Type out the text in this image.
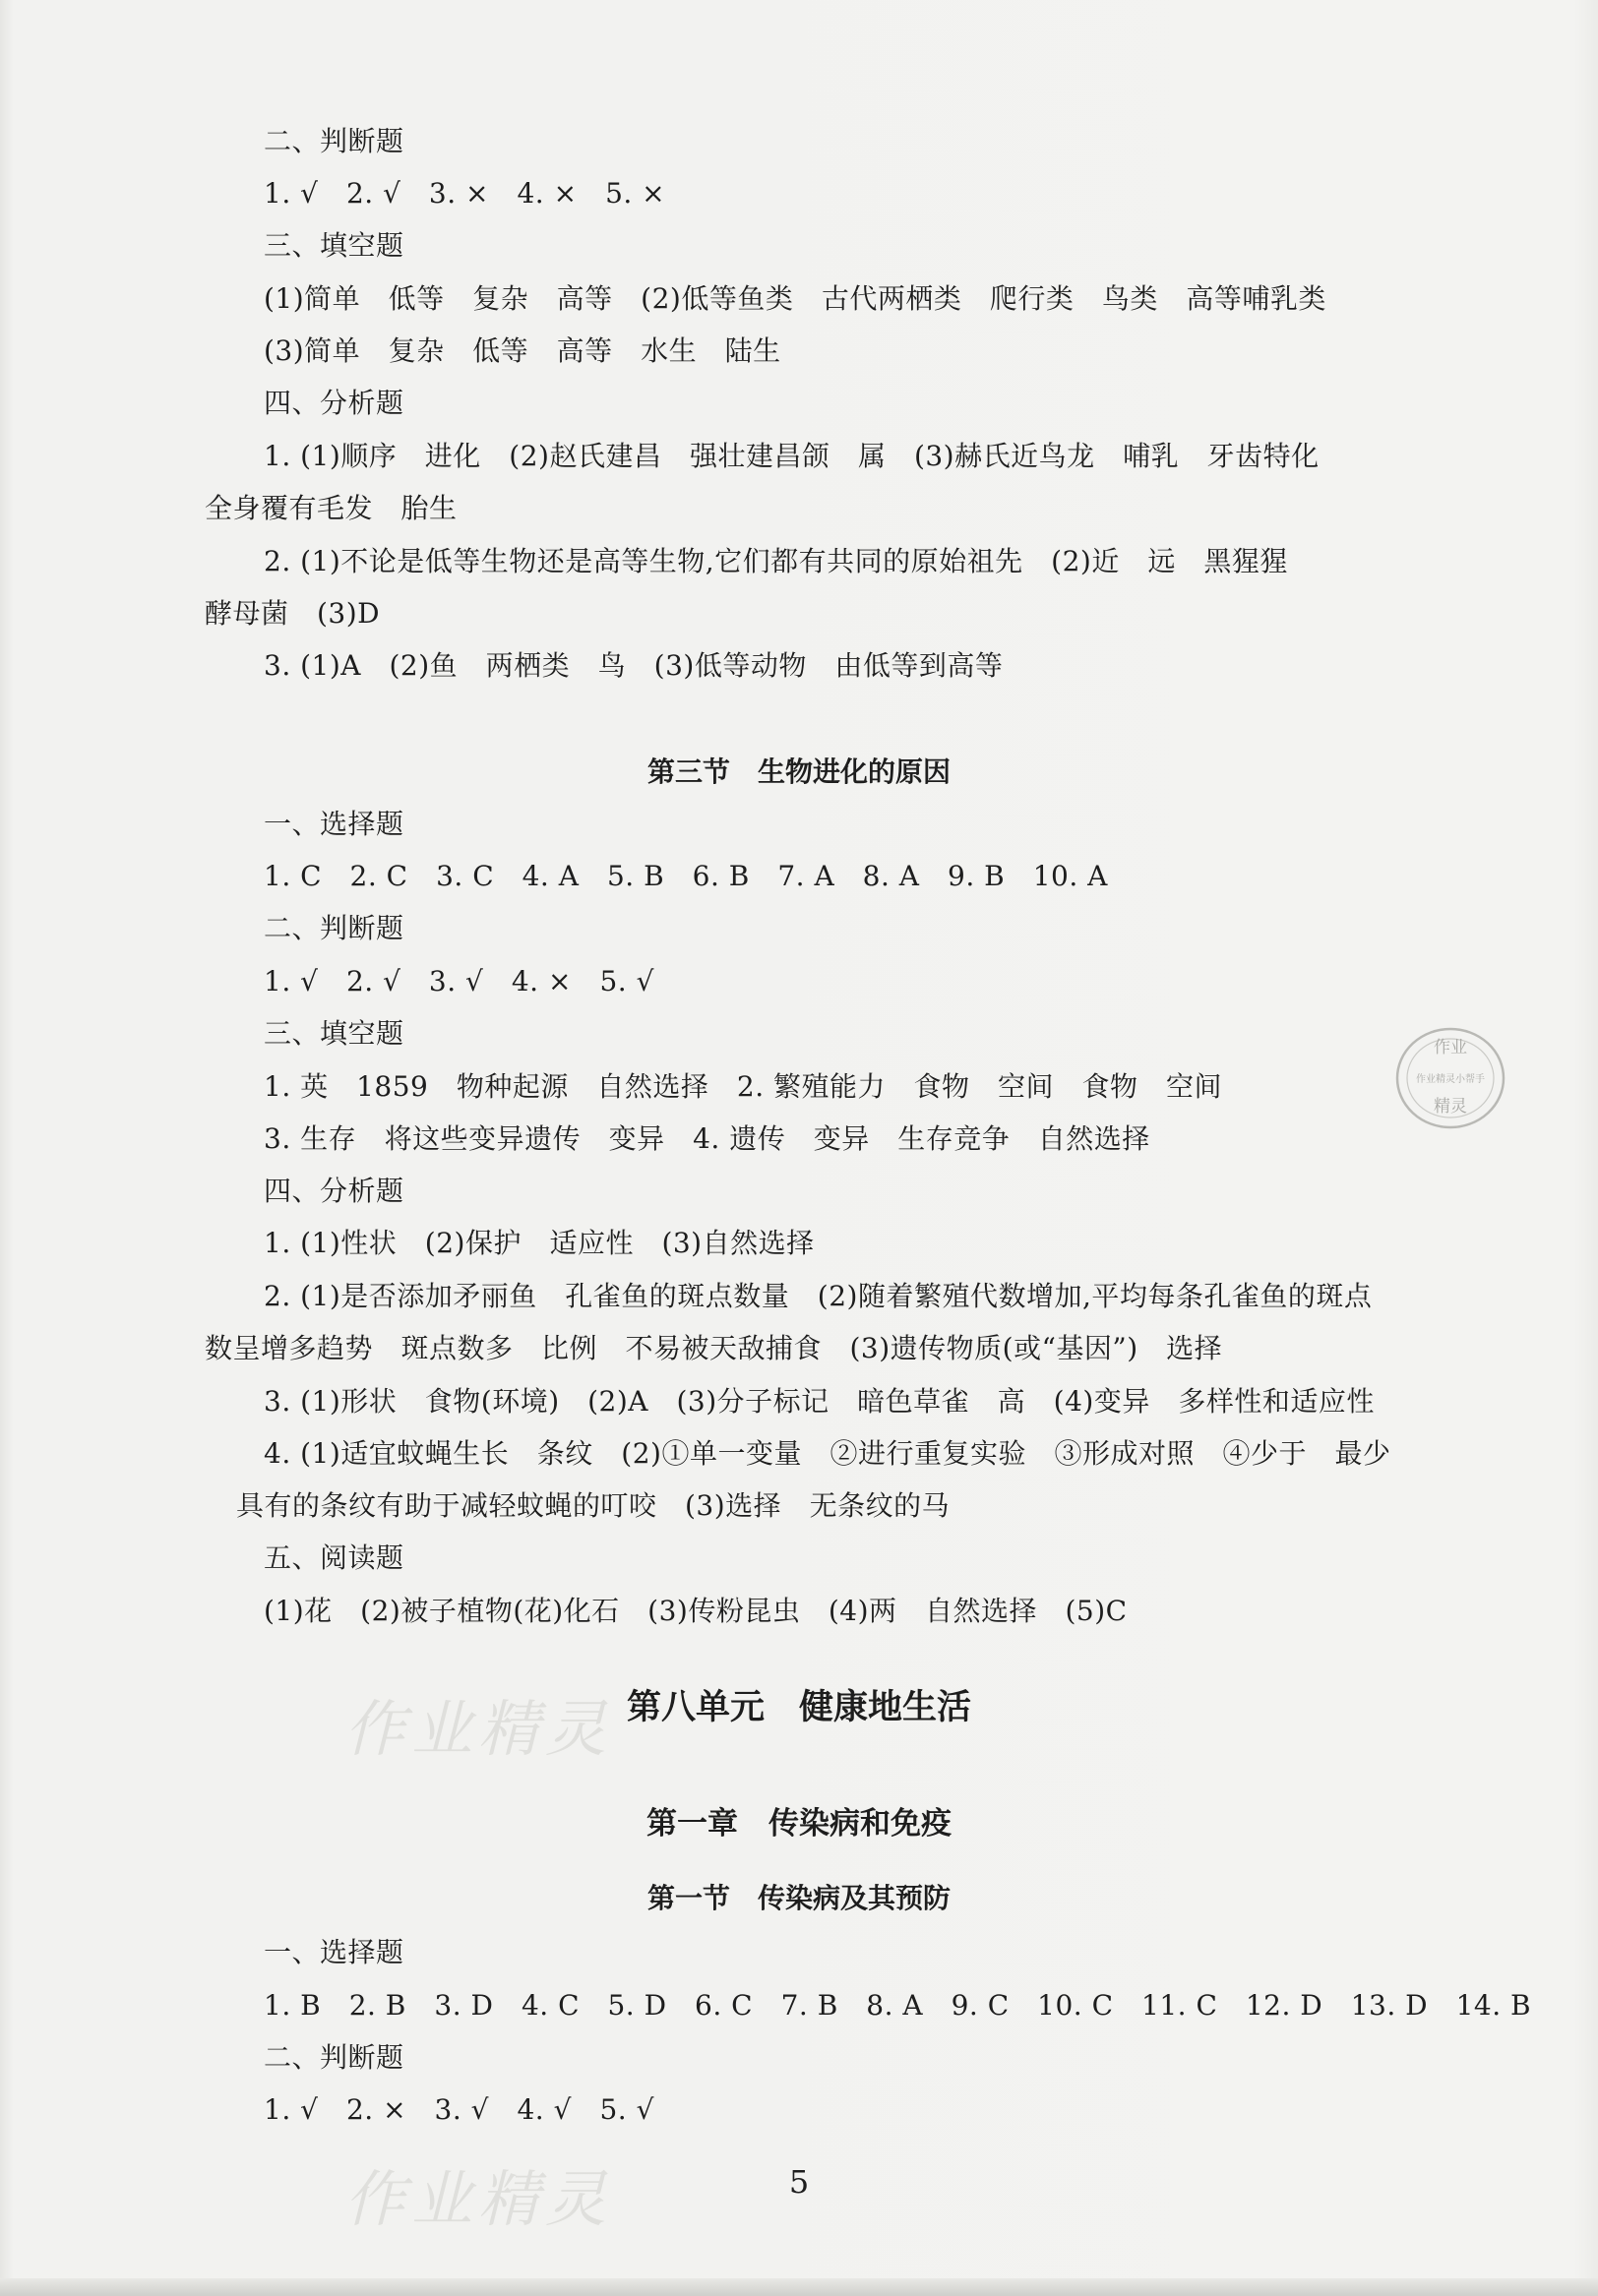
二、判断题
1. √　2. √　3. ×　4. ×　5. ×
三、填空题
(1)简单　低等　复杂　高等　(2)低等鱼类　古代两栖类　爬行类　鸟类　高等哺乳类
(3)简单　复杂　低等　高等　水生　陆生
四、分析题
1. (1)顺序　进化　(2)赵氏建昌　强壮建昌颌　属　(3)赫氏近鸟龙　哺乳　牙齿特化
全身覆有毛发　胎生
2. (1)不论是低等生物还是高等生物,它们都有共同的原始祖先　(2)近　远　黑猩猩
酵母菌　(3)D
3. (1)A　(2)鱼　两栖类　鸟　(3)低等动物　由低等到高等
一、选择题
1. C　2. C　3. C　4. A　5. B　6. B　7. A　8. A　9. B　10. A
二、判断题
1. √　2. √　3. √　4. ×　5. √
三、填空题
1. 英　1859　物种起源　自然选择　2. 繁殖能力　食物　空间　食物　空间
3. 生存　将这些变异遗传　变异　4. 遗传　变异　生存竞争　自然选择
四、分析题
1. (1)性状　(2)保护　适应性　(3)自然选择
2. (1)是否添加矛丽鱼　孔雀鱼的斑点数量　(2)随着繁殖代数增加,平均每条孔雀鱼的斑点
数呈增多趋势　斑点数多　比例　不易被天敌捕食　(3)遗传物质(或“基因”)　选择
3. (1)形状　食物(环境)　(2)A　(3)分子标记　暗色草雀　高　(4)变异　多样性和适应性
4. (1)适宜蚊蝇生长　条纹　(2)①单一变量　②进行重复实验　③形成对照　④少于　最少
具有的条纹有助于减轻蚊蝇的叮咬　(3)选择　无条纹的马
五、阅读题
(1)花　(2)被子植物(花)化石　(3)传粉昆虫　(4)两　自然选择　(5)C
一、选择题
1. B　2. B　3. D　4. C　5. D　6. C　7. B　8. A　9. C　10. C　11. C　12. D　13. D　14. B
二、判断题
1. √　2. ×　3. √　4. √　5. √
第三节　生物进化的原因
第八单元　健康地生活
第一章　传染病和免疫
第一节　传染病及其预防
作业精灵
作业精灵
作业
作业精灵小帮手
精灵
5
